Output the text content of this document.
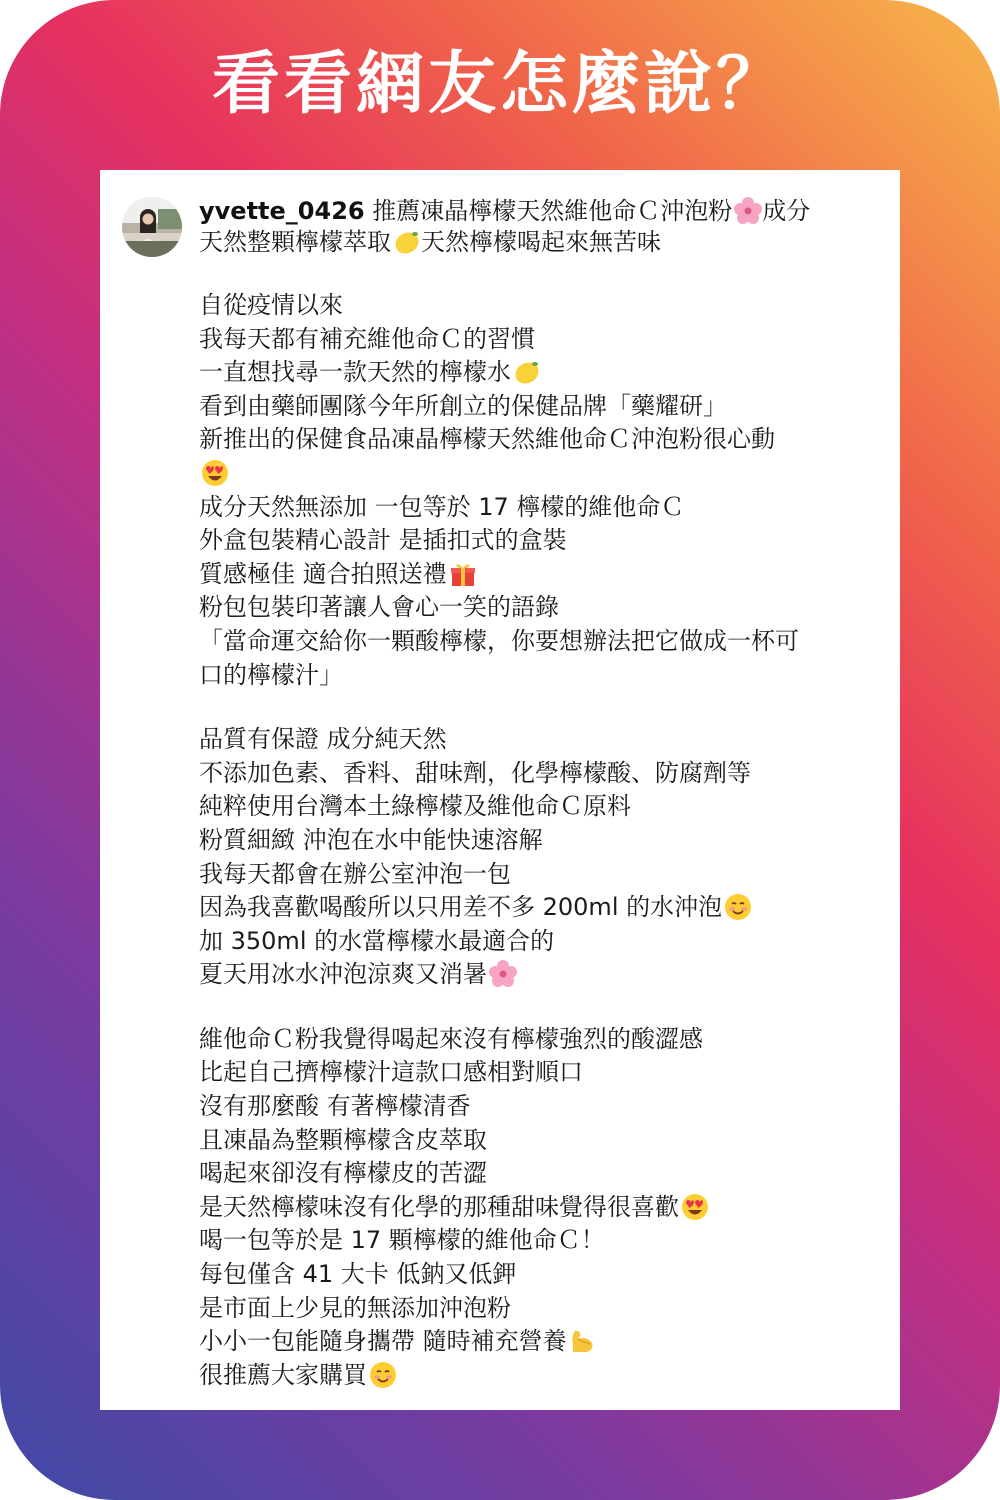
看看網友怎麼說？
yvette_0426 推薦凍晶檸檬天然維他命Ｃ沖泡粉 成分
天然整顆檸檬萃取 天然檸檬喝起來無苦味
自從疫情以來
我每天都有補充維他命Ｃ的習慣
一直想找尋一款天然的檸檬水
看到由藥師團隊今年所創立的保健品牌「藥耀研」
新推出的保健食品凍晶檸檬天然維他命Ｃ沖泡粉很心動
成分天然無添加 一包等於 17 檸檬的維他命Ｃ
外盒包裝精心設計 是插扣式的盒裝
質感極佳 適合拍照送禮
粉包包裝印著讓人會心一笑的語錄
「當命運交給你一顆酸檸檬，你要想辦法把它做成一杯可
口的檸檬汁」
品質有保證 成分純天然
不添加色素、香料、甜味劑，化學檸檬酸、防腐劑等
純粹使用台灣本土綠檸檬及維他命Ｃ原料
粉質細緻 沖泡在水中能快速溶解
我每天都會在辦公室沖泡一包
因為我喜歡喝酸所以只用差不多 200ml 的水沖泡
加 350ml 的水當檸檬水最適合的
夏天用冰水沖泡涼爽又消暑
維他命Ｃ粉我覺得喝起來沒有檸檬強烈的酸澀感
比起自己擠檸檬汁這款口感相對順口
沒有那麼酸 有著檸檬清香
且凍晶為整顆檸檬含皮萃取
喝起來卻沒有檸檬皮的苦澀
是天然檸檬味沒有化學的那種甜味覺得很喜歡
喝一包等於是 17 顆檸檬的維他命Ｃ！
每包僅含 41 大卡 低鈉又低鉀
是市面上少見的無添加沖泡粉
小小一包能隨身攜帶 隨時補充營養
很推薦大家購買
